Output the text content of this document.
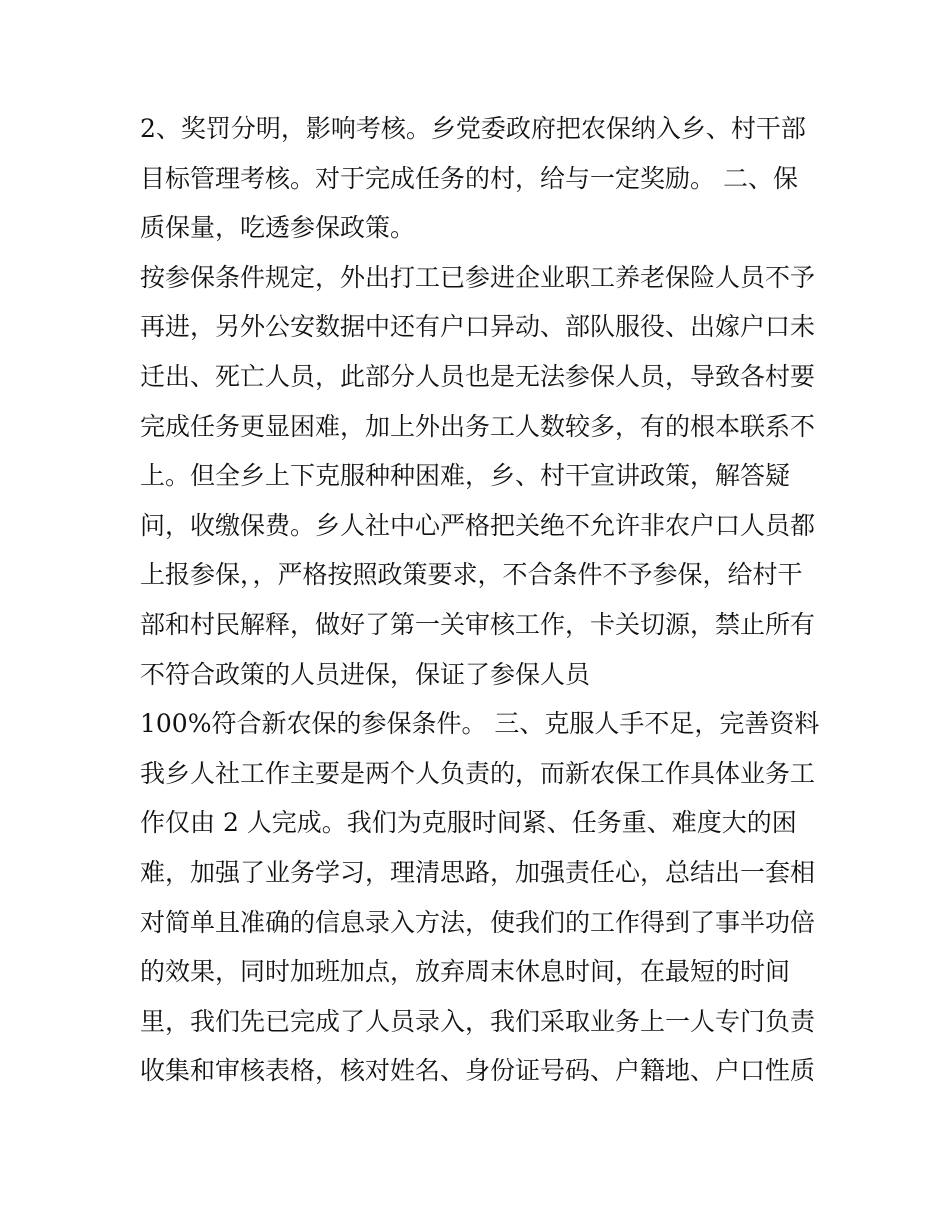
2、奖罚分明，影响考核。乡党委政府把农保纳入乡、村干部
目标管理考核。对于完成任务的村，给与一定奖励。 二、保
质保量，吃透参保政策。
按参保条件规定，外出打工已参进企业职工养老保险人员不予
再进，另外公安数据中还有户口异动、部队服役、出嫁户口未
迁出、死亡人员，此部分人员也是无法参保人员，导致各村要
完成任务更显困难，加上外出务工人数较多，有的根本联系不
上。但全乡上下克服种种困难，乡、村干宣讲政策，解答疑
问，收缴保费。乡人社中心严格把关绝不允许非农户口人员都
上报参保，，严格按照政策要求，不合条件不予参保，给村干
部和村民解释，做好了第一关审核工作，卡关切源，禁止所有
不符合政策的人员进保，保证了参保人员
100%符合新农保的参保条件。 三、克服人手不足，完善资料
我乡人社工作主要是两个人负责的，而新农保工作具体业务工
作仅由 2 人完成。我们为克服时间紧、任务重、难度大的困
难，加强了业务学习，理清思路，加强责任心，总结出一套相
对简单且准确的信息录入方法，使我们的工作得到了事半功倍
的效果，同时加班加点，放弃周末休息时间，在最短的时间
里，我们先已完成了人员录入，我们采取业务上一人专门负责
收集和审核表格，核对姓名、身份证号码、户籍地、户口性质
